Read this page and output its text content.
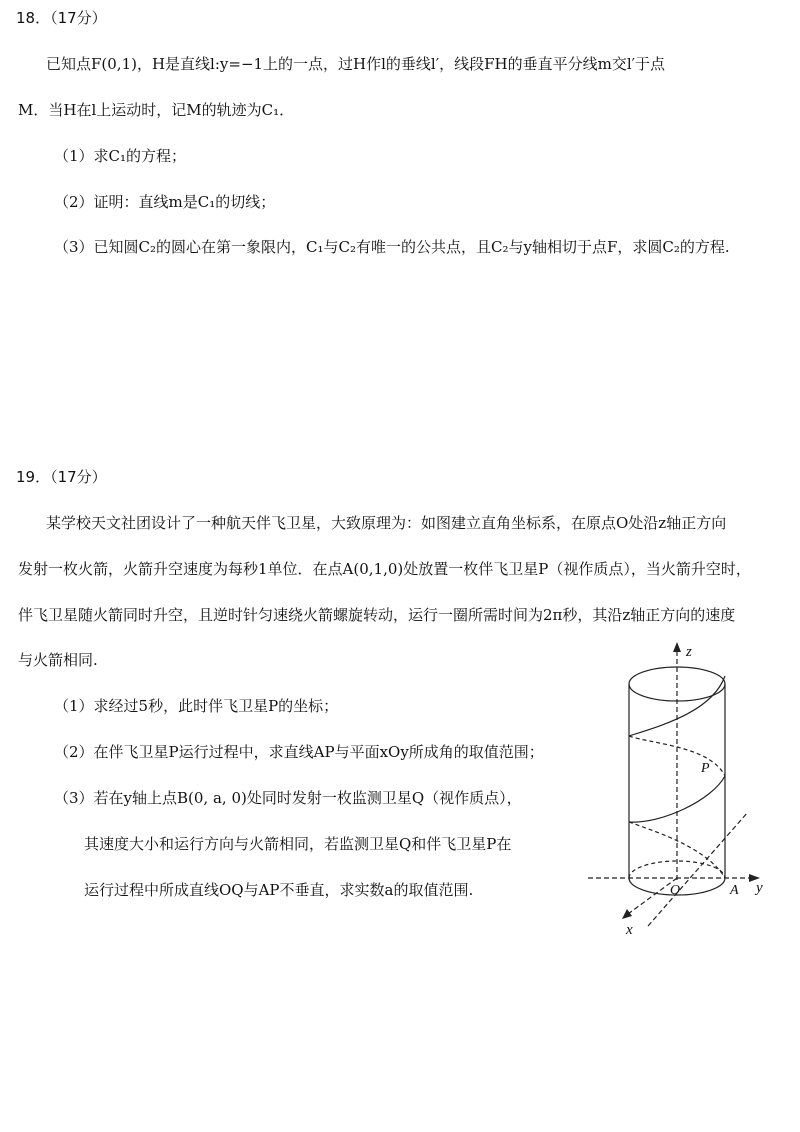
18．（17分）
已知点F(0,1)，H是直线l:y=−1上的一点，过H作l的垂线l′，线段FH的垂直平分线m交l′于点
M．当H在l上运动时，记M的轨迹为C₁．
（1）求C₁的方程；
（2）证明：直线m是C₁的切线；
（3）已知圆C₂的圆心在第一象限内，C₁与C₂有唯一的公共点，且C₂与y轴相切于点F，求圆C₂的方程.
19．（17分）
某学校天文社团设计了一种航天伴飞卫星，大致原理为：如图建立直角坐标系，在原点O处沿z轴正方向
发射一枚火箭，火箭升空速度为每秒1单位．在点A(0,1,0)处放置一枚伴飞卫星P（视作质点），当火箭升空时，
伴飞卫星随火箭同时升空，且逆时针匀速绕火箭螺旋转动，运行一圈所需时间为2π秒，其沿z轴正方向的速度
与火箭相同.
（1）求经过5秒，此时伴飞卫星P的坐标；
（2）在伴飞卫星P运行过程中，求直线AP与平面xOy所成角的取值范围；
（3）若在y轴上点B(0, a, 0)处同时发射一枚监测卫星Q（视作质点），
其速度大小和运行方向与火箭相同，若监测卫星Q和伴飞卫星P在
运行过程中所成直线OQ与AP不垂直，求实数a的取值范围.
z
y
x
O	A
P
